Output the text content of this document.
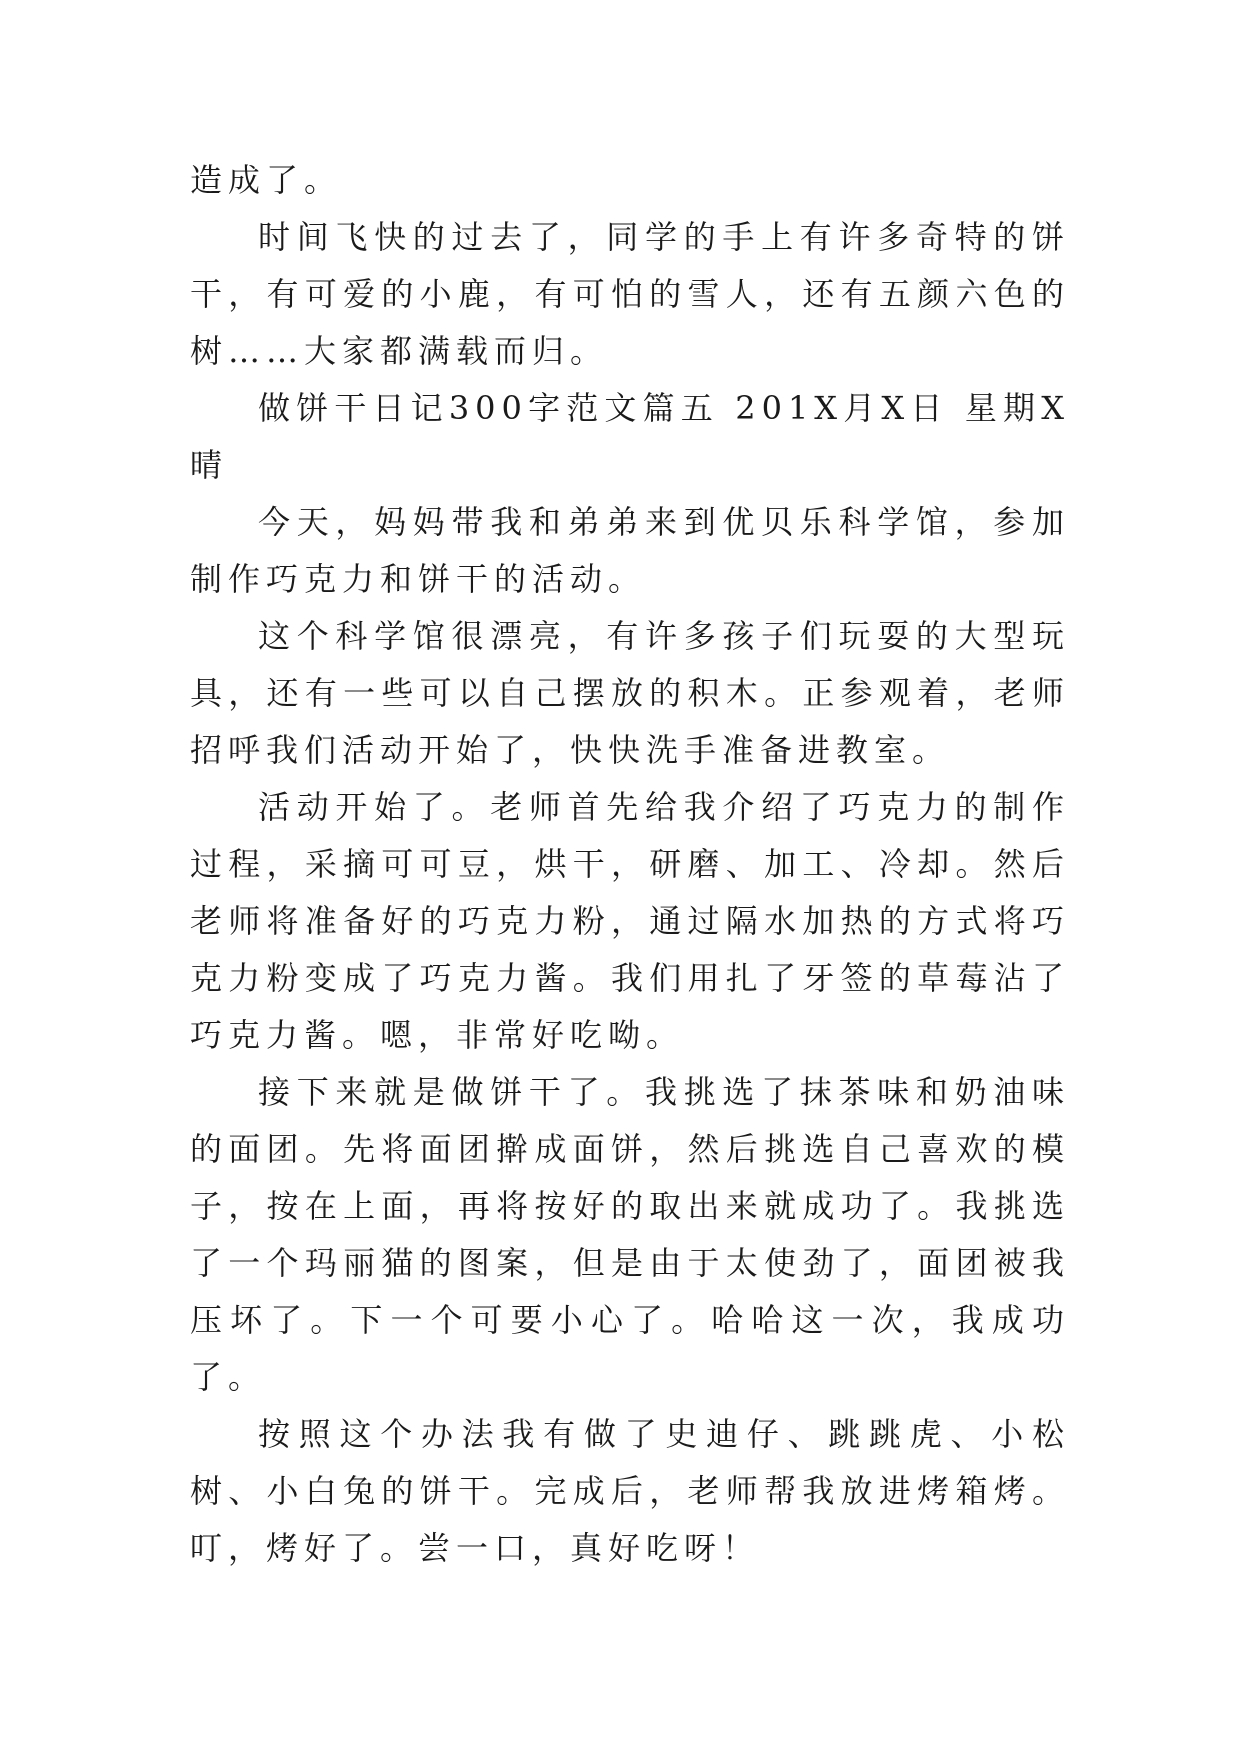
造成了。

时间飞快的过去了，同学的手上有许多奇特的饼干，有可爱的小鹿，有可怕的雪人，还有五颜六色的树……大家都满载而归。

做饼干日记300字范文篇五 201X月X日 星期X 晴

今天，妈妈带我和弟弟来到优贝乐科学馆，参加制作巧克力和饼干的活动。

这个科学馆很漂亮，有许多孩子们玩耍的大型玩具，还有一些可以自己摆放的积木。正参观着，老师招呼我们活动开始了，快快洗手准备进教室。

活动开始了。老师首先给我介绍了巧克力的制作过程，采摘可可豆，烘干，研磨、加工、冷却。然后老师将准备好的巧克力粉，通过隔水加热的方式将巧克力粉变成了巧克力酱。我们用扎了牙签的草莓沾了巧克力酱。嗯，非常好吃呦。

接下来就是做饼干了。我挑选了抹茶味和奶油味的面团。先将面团擀成面饼，然后挑选自己喜欢的模子，按在上面，再将按好的取出来就成功了。我挑选了一个玛丽猫的图案，但是由于太使劲了，面团被我压坏了。下一个可要小心了。哈哈这一次，我成功了。

按照这个办法我有做了史迪仔、跳跳虎、小松树、小白兔的饼干。完成后，老师帮我放进烤箱烤。叮，烤好了。尝一口，真好吃呀！
